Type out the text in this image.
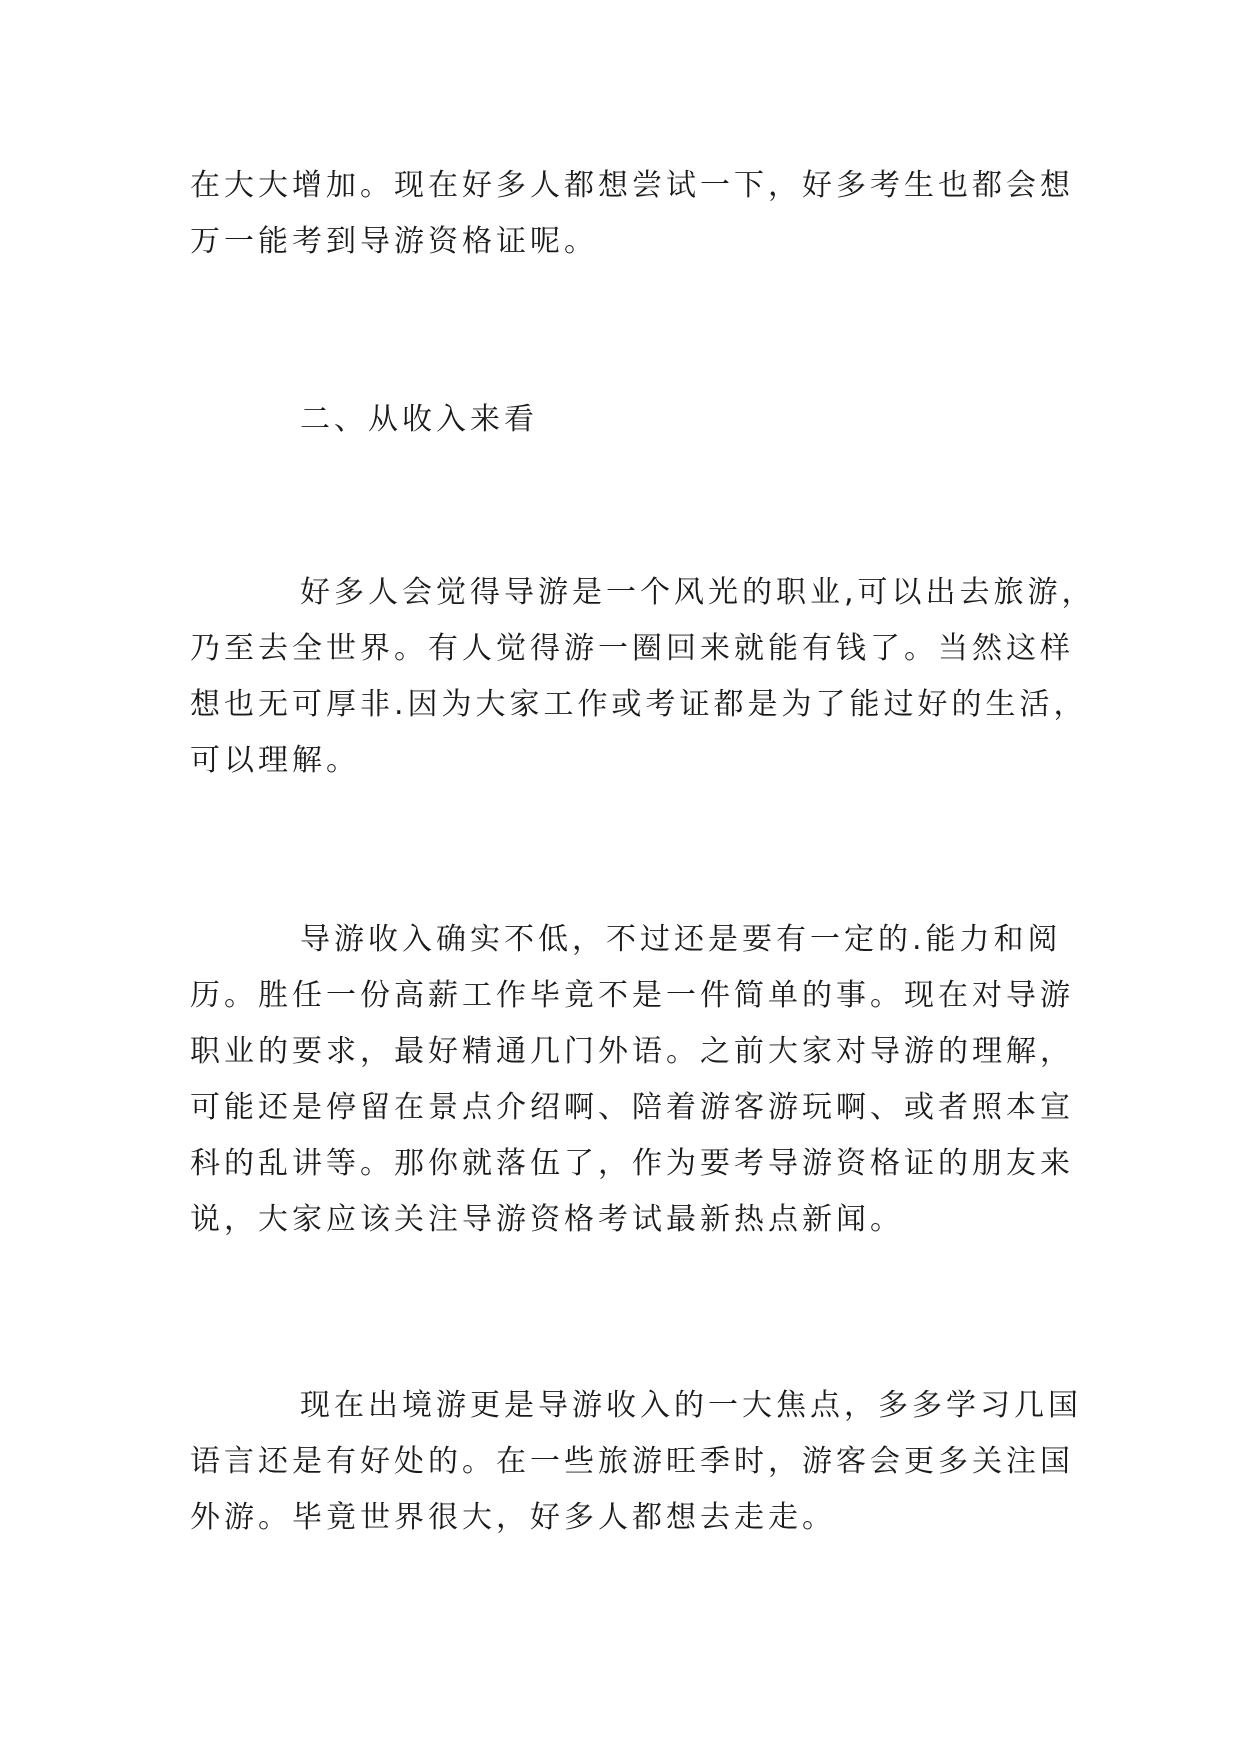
在大大增加。现在好多人都想尝试一下，好多考生也都会想
万一能考到导游资格证呢。
二、从收入来看
好多人会觉得导游是一个风光的职业,可以出去旅游，
乃至去全世界。有人觉得游一圈回来就能有钱了。当然这样
想也无可厚非.因为大家工作或考证都是为了能过好的生活，
可以理解。
导游收入确实不低，不过还是要有一定的.能力和阅
历。胜任一份高薪工作毕竟不是一件简单的事。现在对导游
职业的要求，最好精通几门外语。之前大家对导游的理解，
可能还是停留在景点介绍啊、陪着游客游玩啊、或者照本宣
科的乱讲等。那你就落伍了，作为要考导游资格证的朋友来
说，大家应该关注导游资格考试最新热点新闻。
现在出境游更是导游收入的一大焦点，多多学习几国
语言还是有好处的。在一些旅游旺季时，游客会更多关注国
外游。毕竟世界很大，好多人都想去走走。
